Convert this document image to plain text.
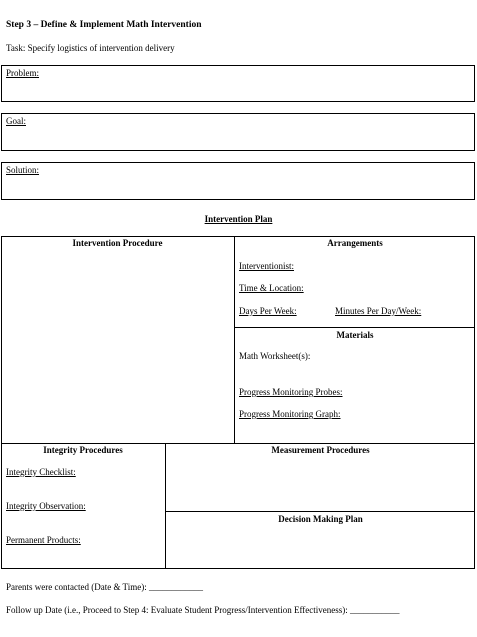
Step 3 – Define & Implement Math Intervention
Task: Specify logistics of intervention delivery
Problem:
Goal:
Solution:
Intervention Plan
Intervention Procedure	Arrangements
Interventionist:
Time & Location:
Days Per Week:	Minutes Per Day/Week:
Materials
Math Worksheet(s):
Progress Monitoring Probes:
Progress Monitoring Graph:
Integrity Procedures
Integrity Checklist:
Integrity Observation:
Permanent Products:
Measurement Procedures
Decision Making Plan
Parents were contacted (Date & Time): ____________
Follow up Date (i.e., Proceed to Step 4: Evaluate Student Progress/Intervention Effectiveness): ___________
